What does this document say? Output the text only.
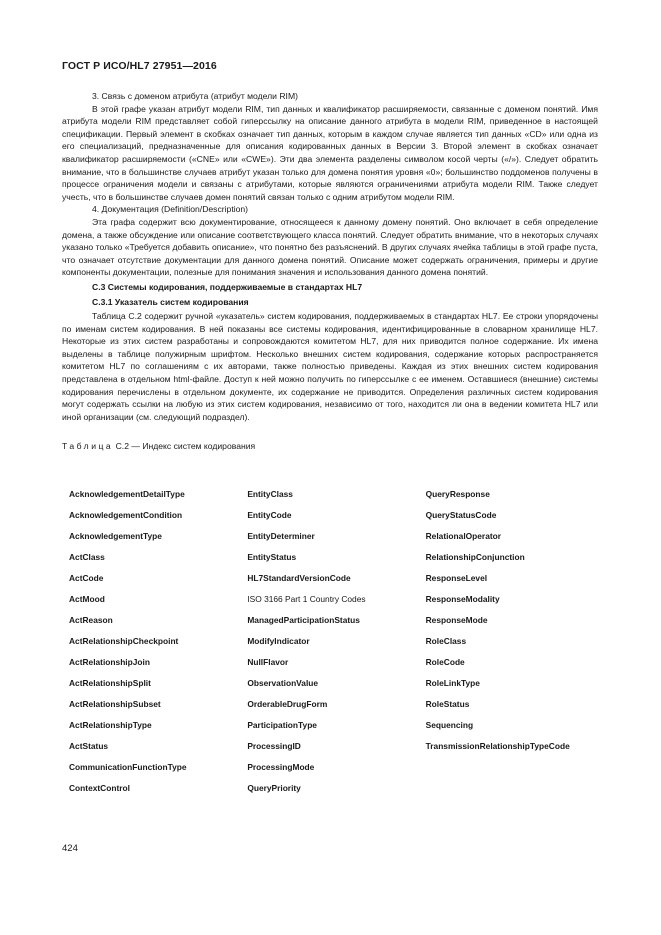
ГОСТ Р ИСО/HL7 27951—2016

3. Связь с доменом атрибута (атрибут модели RIM)

В этой графе указан атрибут модели RIM, тип данных и квалификатор расширяемости, связанные с доменом понятий. Имя атрибута модели RIM представляет собой гиперссылку на описание данного атрибута в модели RIM, приведенное в настоящей спецификации. Первый элемент в скобках означает тип данных, которым в каждом случае является тип данных «CD» или одна из его специализаций, предназначенные для описания кодированных данных в Версии 3. Второй элемент в скобках означает квалификатор расширяемости («CNE» или «CWE»). Эти два элемента разделены символом косой черты («/»). Следует обратить внимание, что в большинстве случаев атрибут указан только для домена понятия уровня «0»; большинство поддоменов получены в процессе ограничения модели и связаны с атрибутами, которые являются ограничениями атрибута модели RIM. Также следует учесть, что в большинстве случаев домен понятий связан только с одним атрибутом модели RIM.

4. Документация (Definition/Description)

Эта графа содержит всю документирование, относящееся к данному домену понятий. Оно включает в себя определение домена, а также обсуждение или описание соответствующего класса понятий. Следует обратить внимание, что в некоторых случаях указано только «Требуется добавить описание», что понятно без разъяснений. В других случаях ячейка таблицы в этой графе пуста, что означает отсутствие документации для данного домена понятий. Описание может содержать ограничения, примеры и другие компоненты документации, полезные для понимания значения и использования данного домена понятий.

С.3 Системы кодирования, поддерживаемые в стандартах HL7
С.3.1 Указатель систем кодирования

Таблица С.2 содержит ручной «указатель» систем кодирования, поддерживаемых в стандартах HL7. Ее строки упорядочены по именам систем кодирования. В ней показаны все системы кодирования, идентифицированные в словарном хранилище HL7. Некоторые из этих систем разработаны и сопровождаются комитетом HL7, для них приводится полное содержание. Их имена выделены в таблице полужирным шрифтом. Несколько внешних систем кодирования, содержание которых распространяется комитетом HL7 по соглашениям с их авторами, также полностью приведены. Каждая из этих внешних систем кодирования представлена в отдельном html-файле. Доступ к ней можно получить по гиперссылке с ее именем. Оставшиеся (внешние) системы кодирования перечислены в отдельном документе, их содержание не приводится. Определения различных систем кодирования могут содержать ссылки на любую из этих систем кодирования, независимо от того, находится ли она в ведении комитета HL7 или иной организации (см. следующий подраздел).

Таблица С.2 — Индекс систем кодирования
AcknowledgementDetailType	EntityClass	QueryResponse
AcknowledgementCondition	EntityCode	QueryStatusCode
AcknowledgementType	EntityDeterminer	RelationalOperator
ActClass	EntityStatus	RelationshipConjunction
ActCode	HL7StandardVersionCode	ResponseLevel
ActMood	ISO 3166 Part 1 Country Codes	ResponseModality
ActReason	ManagedParticipationStatus	ResponseMode
ActRelationshipCheckpoint	ModifyIndicator	RoleClass
ActRelationshipJoin	NullFlavor	RoleCode
ActRelationshipSplit	ObservationValue	RoleLinkType
ActRelationshipSubset	OrderableDrugForm	RoleStatus
ActRelationshipType	ParticipationType	Sequencing
ActStatus	ProcessingID	TransmissionRelationshipTypeCode
CommunicationFunctionType	ProcessingMode	
ContextControl	QueryPriority	
424
